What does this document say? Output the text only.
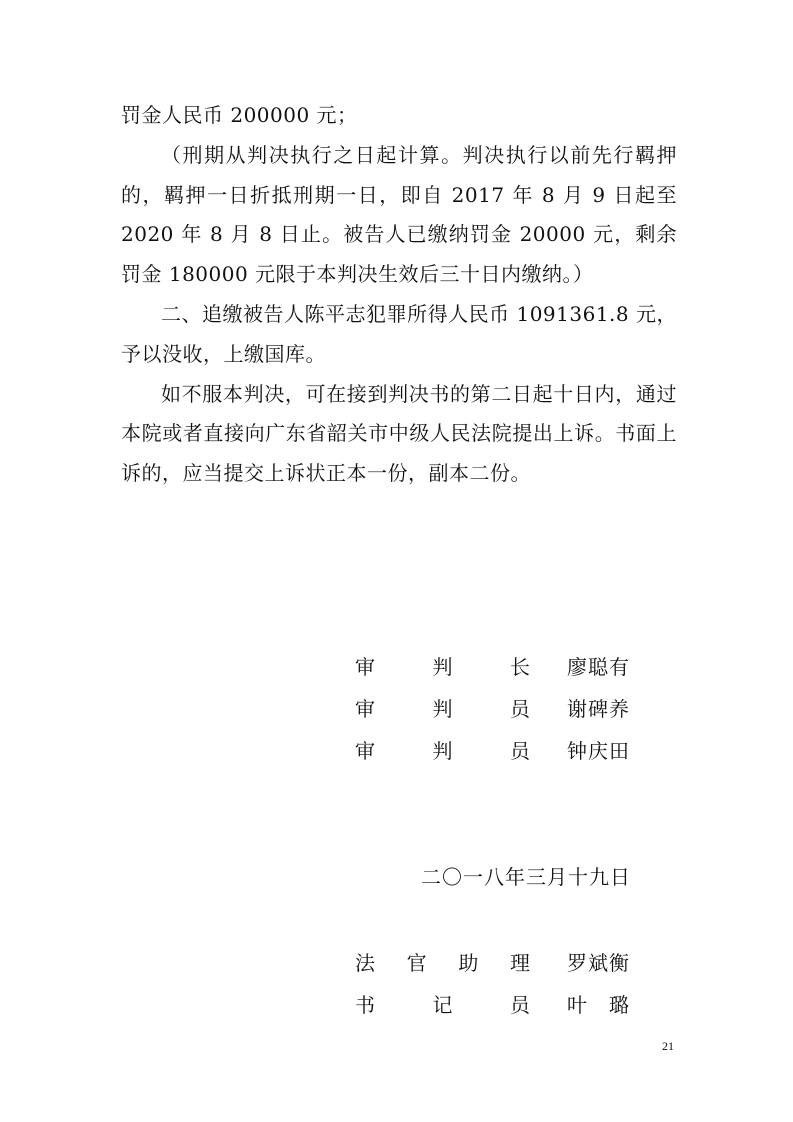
罚金人民币 200000 元；

（刑期从判决执行之日起计算。判决执行以前先行羁押的，羁押一日折抵刑期一日，即自 2017 年 8 月 9 日起至 2020 年 8 月 8 日止。被告人已缴纳罚金 20000 元，剩余罚金 180000 元限于本判决生效后三十日内缴纳。）

二、追缴被告人陈平志犯罪所得人民币 1091361.8 元，予以没收，上缴国库。

如不服本判决，可在接到判决书的第二日起十日内，通过本院或者直接向广东省韶关市中级人民法院提出上诉。书面上诉的，应当提交上诉状正本一份，副本二份。

审	判	长 廖聪有
审	判	员 谢碑养
审	判	员 钟庆田
二〇一八年三月十九日
法 官 助 理 罗斌衡
书	记	员 叶　璐
21
